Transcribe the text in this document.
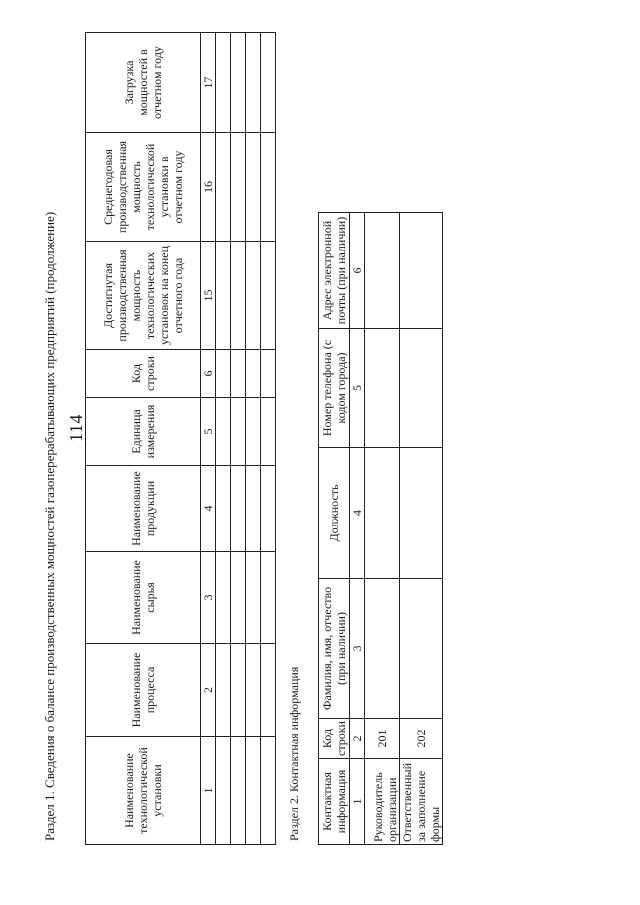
114
Раздел 1. Сведения о балансе производственных мощностей газоперерабатывающих предприятий (продолжение)	Наименование технологической установки	Наименование процесса	Наименование сырья	Наименование продукции	Единица измерения	Код строки	Достигнутая производственная мощность технологических установок на конец отчетного года	Среднегодовая производственная мощность технологической установки в отчетном году	Загрузка мощностей в отчетном году
1	2	3	4	5	6	15	16	17

Раздел 2. Контактная информация Контактная информация	Код строки	Фамилия, имя, отчество (при наличии)	Должность	Номер телефона (с кодом города)	Адрес электронной почты (при наличии)
1	2	3	4	5	6
Руководитель организации	201				
Ответственный за заполнение формы	202				
